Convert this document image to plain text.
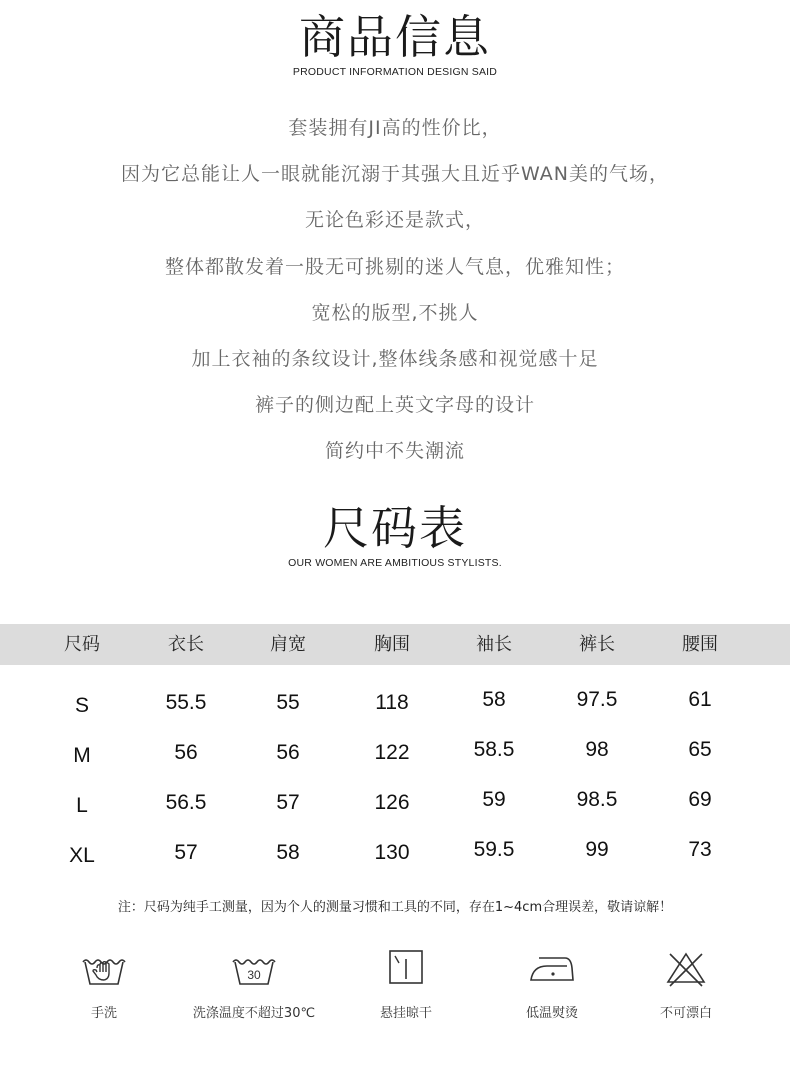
商品信息
PRODUCT INFORMATION DESIGN SAID
套装拥有JI高的性价比，
因为它总能让人一眼就能沉溺于其强大且近乎WAN美的气场，
无论色彩还是款式，
整体都散发着一股无可挑剔的迷人气息，优雅知性；
宽松的版型,不挑人
加上衣袖的条纹设计,整体线条感和视觉感十足
裤子的侧边配上英文字母的设计
简约中不失潮流
尺码表
OUR WOMEN ARE AMBITIOUS STYLISTS.
尺码	衣长	肩宽	胸围	袖长	裤长	腰围
S	55.5	55	118	58	97.5	61
M	56	56	122	58.5	98	65
L	56.5	57	126	59	98.5	69
XL	57	58	130	59.5	99	73
注：尺码为纯手工测量，因为个人的测量习惯和工具的不同，存在1~4cm合理误差，敬请谅解！
手洗
30
洗涤温度不超过30℃	悬挂晾干	低温熨烫	不可漂白
